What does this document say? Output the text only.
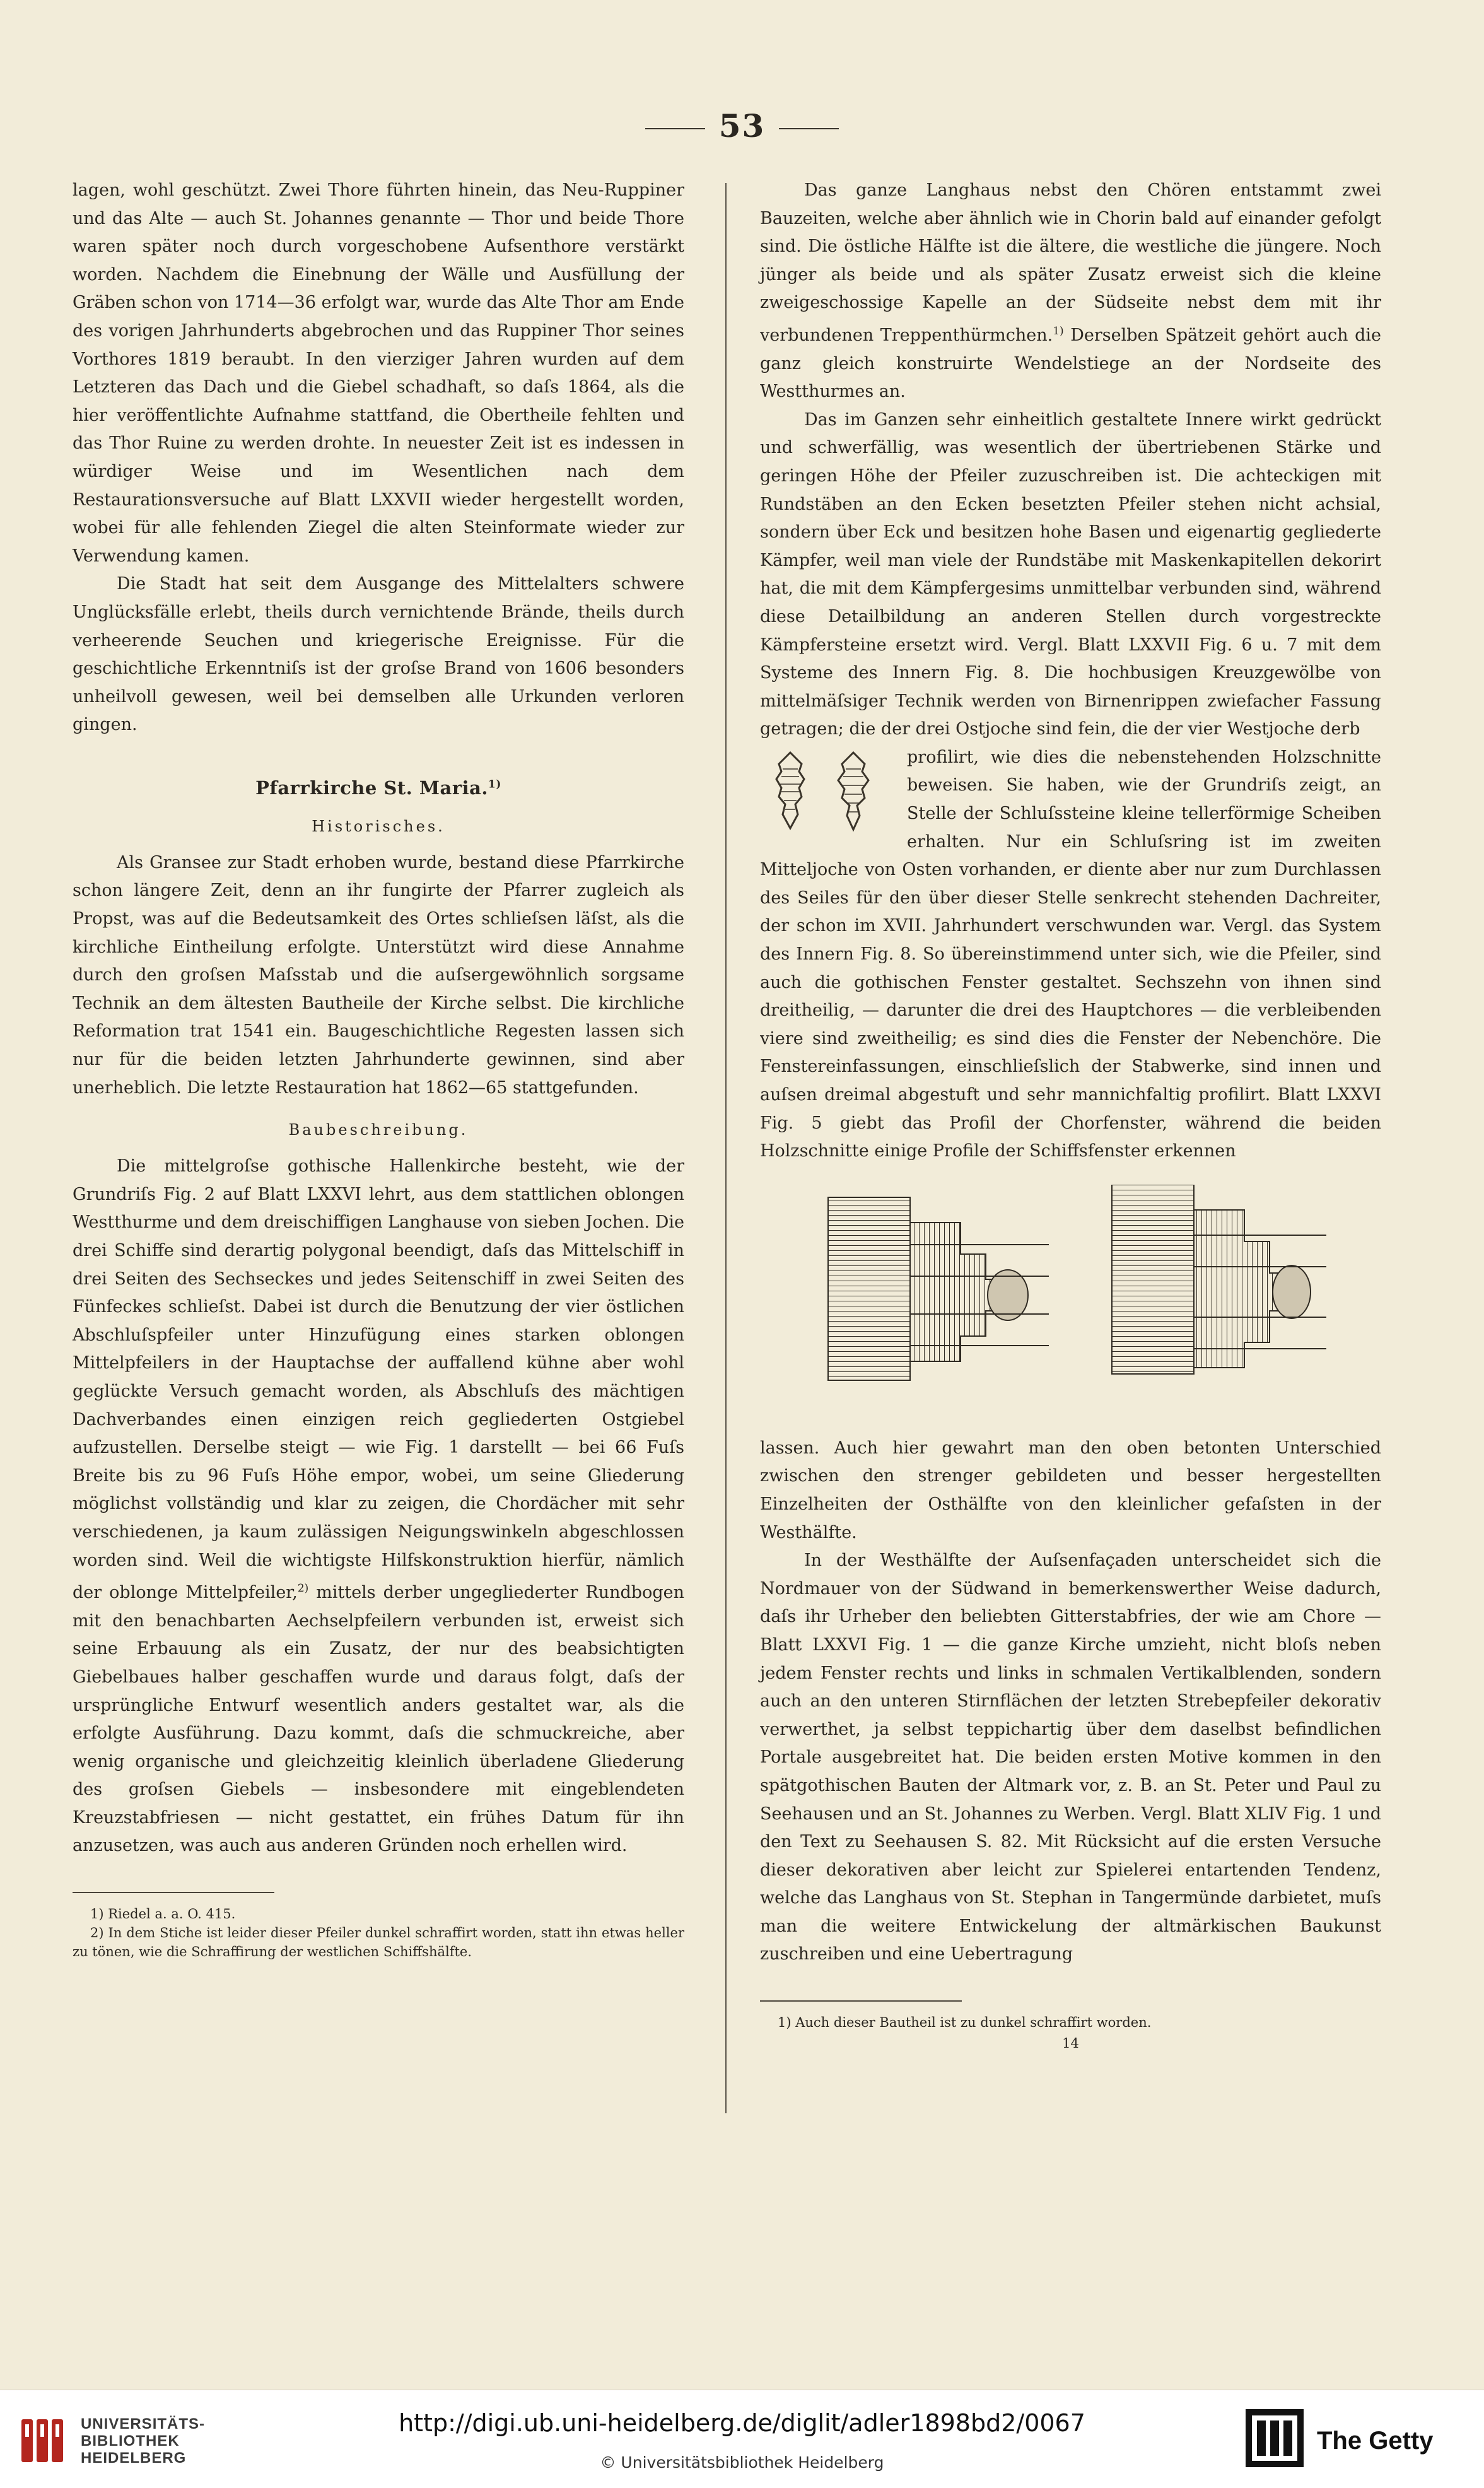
53

lagen, wohl geschützt. Zwei Thore führten hinein, das Neu-Ruppiner und das Alte — auch St. Johannes genannte — Thor und beide Thore waren später noch durch vorgeschobene Aufsenthore verstärkt worden. Nachdem die Einebnung der Wälle und Ausfüllung der Gräben schon von 1714—36 erfolgt war, wurde das Alte Thor am Ende des vorigen Jahrhunderts abgebrochen und das Ruppiner Thor seines Vorthores 1819 beraubt. In den vierziger Jahren wurden auf dem Letzteren das Dach und die Giebel schadhaft, so daſs 1864, als die hier veröffentlichte Aufnahme stattfand, die Obertheile fehlten und das Thor Ruine zu werden drohte. In neuester Zeit ist es indessen in würdiger Weise und im Wesentlichen nach dem Restaurationsversuche auf Blatt LXXVII wieder hergestellt worden, wobei für alle fehlenden Ziegel die alten Steinformate wieder zur Verwendung kamen.

Die Stadt hat seit dem Ausgange des Mittelalters schwere Unglücksfälle erlebt, theils durch vernichtende Brände, theils durch verheerende Seuchen und kriegerische Ereignisse. Für die geschichtliche Erkenntniſs ist der groſse Brand von 1606 besonders unheilvoll gewesen, weil bei demselben alle Urkunden verloren gingen.

Pfarrkirche St. Maria.$^{1)}$
Historisches.

Als Gransee zur Stadt erhoben wurde, bestand diese Pfarrkirche schon längere Zeit, denn an ihr fungirte der Pfarrer zugleich als Propst, was auf die Bedeutsamkeit des Ortes schlieſsen läſst, als die kirchliche Eintheilung erfolgte. Unterstützt wird diese Annahme durch den groſsen Maſsstab und die auſsergewöhnlich sorgsame Technik an dem ältesten Bautheile der Kirche selbst. Die kirchliche Reformation trat 1541 ein. Baugeschichtliche Regesten lassen sich nur für die beiden letzten Jahrhunderte gewinnen, sind aber unerheblich. Die letzte Restauration hat 1862—65 stattgefunden.

Baubeschreibung.

Die mittelgroſse gothische Hallenkirche besteht, wie der Grundriſs Fig. 2 auf Blatt LXXVI lehrt, aus dem stattlichen oblongen Westthurme und dem dreischiffigen Langhause von sieben Jochen. Die drei Schiffe sind derartig polygonal beendigt, daſs das Mittelschiff in drei Seiten des Sechseckes und jedes Seitenschiff in zwei Seiten des Fünfeckes schlieſst. Dabei ist durch die Benutzung der vier östlichen Abschluſspfeiler unter Hinzufügung eines starken oblongen Mittelpfeilers in der Hauptachse der auffallend kühne aber wohl geglückte Versuch gemacht worden, als Abschluſs des mächtigen Dachverbandes einen einzigen reich gegliederten Ostgiebel aufzustellen. Derselbe steigt — wie Fig. 1 darstellt — bei 66 Fuſs Breite bis zu 96 Fuſs Höhe empor, wobei, um seine Gliederung möglichst vollständig und klar zu zeigen, die Chordächer mit sehr verschiedenen, ja kaum zulässigen Neigungswinkeln abgeschlossen worden sind. Weil die wichtigste Hilfskonstruktion hierfür, nämlich der oblonge Mittelpfeiler,$^{2)}$ mittels derber ungegliederter Rundbogen mit den benachbarten Aechselpfeilern verbunden ist, erweist sich seine Erbauung als ein Zusatz, der nur des beabsichtigten Giebelbaues halber geschaffen wurde und daraus folgt, daſs der ursprüngliche Entwurf wesentlich anders gestaltet war, als die erfolgte Ausführung. Dazu kommt, daſs die schmuckreiche, aber wenig organische und gleichzeitig kleinlich überladene Gliederung des groſsen Giebels — insbesondere mit eingeblendeten Kreuzstabfriesen — nicht gestattet, ein frühes Datum für ihn anzusetzen, was auch aus anderen Gründen noch erhellen wird.

1) Riedel a. a. O. 415.

2) In dem Stiche ist leider dieser Pfeiler dunkel schraffirt worden, statt ihn etwas heller zu tönen, wie die Schraffirung der westlichen Schiffshälfte.

Das ganze Langhaus nebst den Chören entstammt zwei Bauzeiten, welche aber ähnlich wie in Chorin bald auf einander gefolgt sind. Die östliche Hälfte ist die ältere, die westliche die jüngere. Noch jünger als beide und als später Zusatz erweist sich die kleine zweigeschossige Kapelle an der Südseite nebst dem mit ihr verbundenen Treppenthürmchen.$^{1)}$ Derselben Spätzeit gehört auch die ganz gleich konstruirte Wendelstiege an der Nordseite des Westthurmes an.

Das im Ganzen sehr einheitlich gestaltete Innere wirkt gedrückt und schwerfällig, was wesentlich der übertriebenen Stärke und geringen Höhe der Pfeiler zuzuschreiben ist. Die achteckigen mit Rundstäben an den Ecken besetzten Pfeiler stehen nicht achsial, sondern über Eck und besitzen hohe Basen und eigenartig gegliederte Kämpfer, weil man viele der Rundstäbe mit Maskenkapitellen dekorirt hat, die mit dem Kämpfergesims unmittelbar verbunden sind, während diese Detailbildung an anderen Stellen durch vorgestreckte Kämpfersteine ersetzt wird. Vergl. Blatt LXXVII Fig. 6 u. 7 mit dem Systeme des Innern Fig. 8. Die hochbusigen Kreuzgewölbe von mittelmäſsiger Technik werden von Birnenrippen zwiefacher Fassung getragen; die der drei Ostjoche sind fein, die der vier Westjoche derb

profilirt, wie dies die nebenstehenden Holzschnitte beweisen. Sie haben, wie der Grundriſs zeigt, an Stelle der Schluſssteine kleine tellerförmige Scheiben erhalten. Nur ein Schluſsring ist im zweiten Mitteljoche von Osten vorhanden, er diente aber nur zum Durchlassen des Seiles für den über dieser Stelle senkrecht stehenden Dachreiter, der schon im XVII. Jahrhundert verschwunden war. Vergl. das System des Innern Fig. 8. So übereinstimmend unter sich, wie die Pfeiler, sind auch die gothischen Fenster gestaltet. Sechszehn von ihnen sind dreitheilig, — darunter die drei des Hauptchores — die verbleibenden viere sind zweitheilig; es sind dies die Fenster der Nebenchöre. Die Fenstereinfassungen, einschlieſslich der Stabwerke, sind innen und auſsen dreimal abgestuft und sehr mannichfaltig profilirt. Blatt LXXVI Fig. 5 giebt das Profil der Chorfenster, während die beiden Holzschnitte einige Profile der Schiffsfenster erkennen

lassen. Auch hier gewahrt man den oben betonten Unterschied zwischen den strenger gebildeten und besser hergestellten Einzelheiten der Osthälfte von den kleinlicher gefaſsten in der Westhälfte.

In der Westhälfte der Auſsenfaçaden unterscheidet sich die Nordmauer von der Südwand in bemerkenswerther Weise dadurch, daſs ihr Urheber den beliebten Gitterstabfries, der wie am Chore — Blatt LXXVI Fig. 1 — die ganze Kirche umzieht, nicht bloſs neben jedem Fenster rechts und links in schmalen Vertikalblenden, sondern auch an den unteren Stirnflächen der letzten Strebepfeiler dekorativ verwerthet, ja selbst teppichartig über dem daselbst befindlichen Portale ausgebreitet hat. Die beiden ersten Motive kommen in den spätgothischen Bauten der Altmark vor, z. B. an St. Peter und Paul zu Seehausen und an St. Johannes zu Werben. Vergl. Blatt XLIV Fig. 1 und den Text zu Seehausen S. 82. Mit Rücksicht auf die ersten Versuche dieser dekorativen aber leicht zur Spielerei entartenden Tendenz, welche das Langhaus von St. Stephan in Tangermünde darbietet, muſs man die weitere Entwickelung der altmärkischen Baukunst zuschreiben und eine Uebertragung

1) Auch dieser Bautheil ist zu dunkel schraffirt worden.

14
UNIVERSITÄTS-
BIBLIOTHEK
HEIDELBERG
http://digi.ub.uni-heidelberg.de/diglit/adler1898bd2/0067
© Universitätsbibliothek Heidelberg
The Getty
